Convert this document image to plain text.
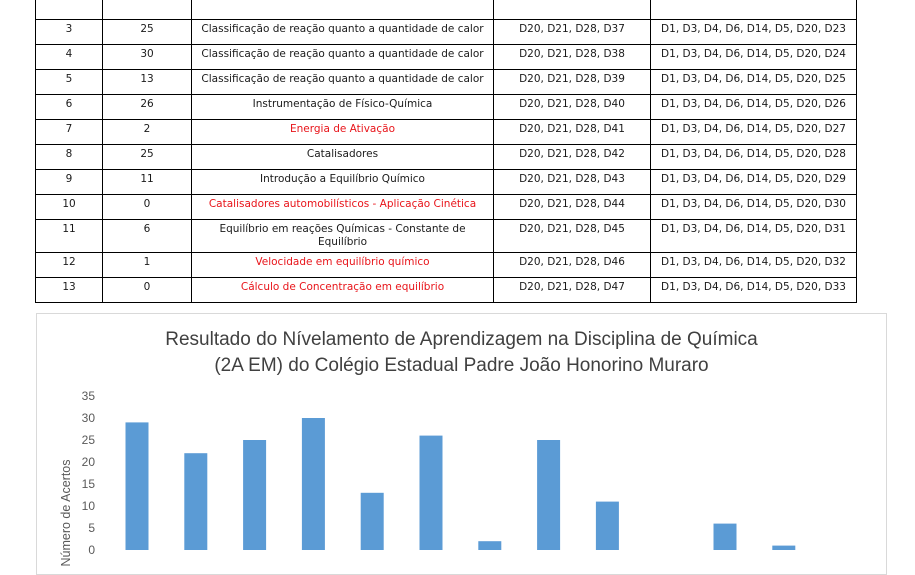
3	25	Classificação de reação quanto a quantidade de calor	D20, D21, D28, D37	D1, D3, D4, D6, D14, D5, D20, D23
4	30	Classificação de reação quanto a quantidade de calor	D20, D21, D28, D38	D1, D3, D4, D6, D14, D5, D20, D24
5	13	Classificação de reação quanto a quantidade de calor	D20, D21, D28, D39	D1, D3, D4, D6, D14, D5, D20, D25
6	26	Instrumentação de Físico-Química	D20, D21, D28, D40	D1, D3, D4, D6, D14, D5, D20, D26
7	2	Energia de Ativação	D20, D21, D28, D41	D1, D3, D4, D6, D14, D5, D20, D27
8	25	Catalisadores	D20, D21, D28, D42	D1, D3, D4, D6, D14, D5, D20, D28
9	11	Introdução a Equilíbrio Químico	D20, D21, D28, D43	D1, D3, D4, D6, D14, D5, D20, D29
10	0	Catalisadores automobilísticos - Aplicação Cinética	D20, D21, D28, D44	D1, D3, D4, D6, D14, D5, D20, D30
11	6	Equilíbrio em reações Químicas - Constante de Equilíbrio	D20, D21, D28, D45	D1, D3, D4, D6, D14, D5, D20, D31
12	1	Velocidade em equilíbrio químico	D20, D21, D28, D46	D1, D3, D4, D6, D14, D5, D20, D32
13	0	Cálculo de Concentração em equilíbrio	D20, D21, D28, D47	D1, D3, D4, D6, D14, D5, D20, D33
Resultado do Nívelamento de Aprendizagem na Disciplina de Química
(2A EM) do Colégio Estadual Padre João Honorino Muraro
0
5
10
15
20
25
30
35
Número de Acertos
